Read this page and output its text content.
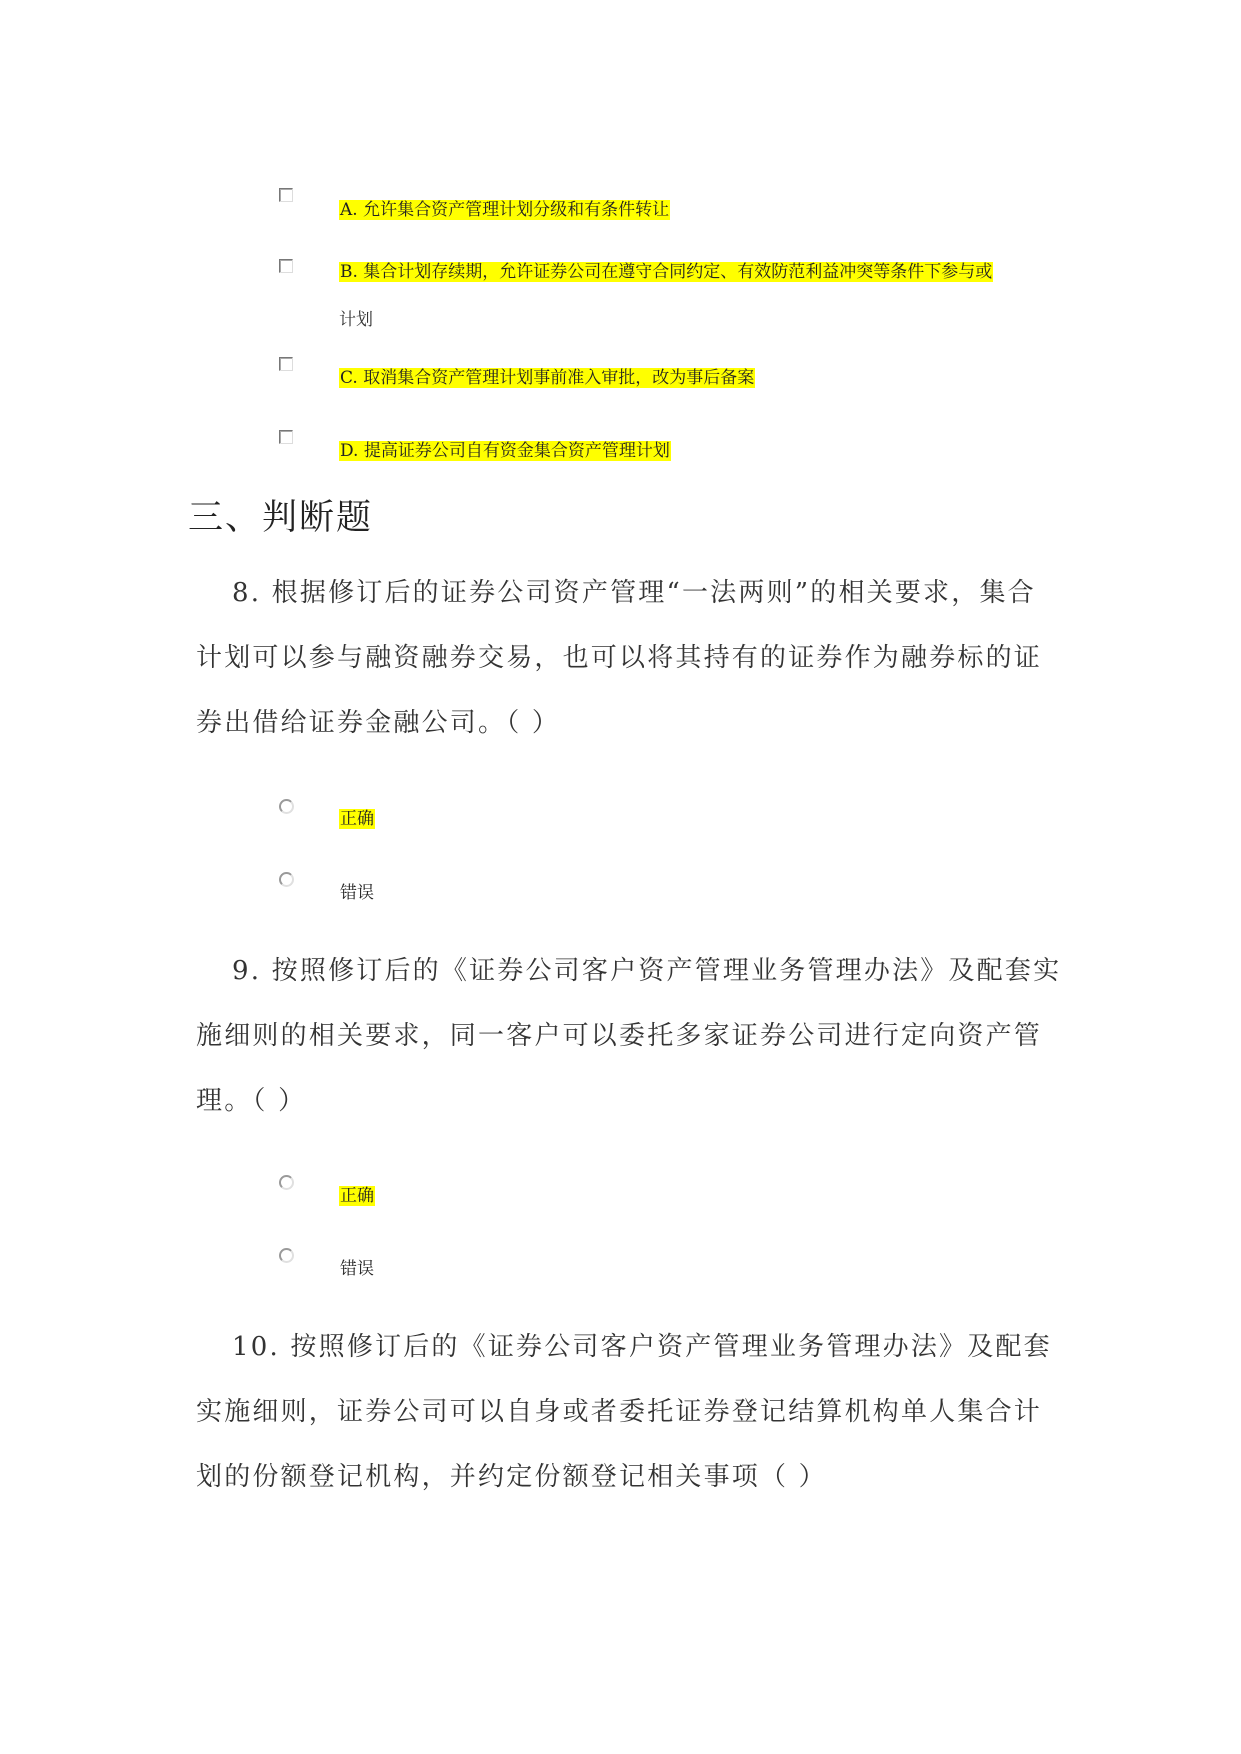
A. 允许集合资产管理计划分级和有条件转让
B. 集合计划存续期，允许证券公司在遵守合同约定、有效防范利益冲突等条件下参与或
计划
C. 取消集合资产管理计划事前准入审批，改为事后备案
D. 提高证券公司自有资金集合资产管理计划
三、判断题
8. 根据修订后的证券公司资产管理“一法两则”的相关要求，集合
计划可以参与融资融券交易，也可以将其持有的证券作为融券标的证
券出借给证券金融公司。（ ）
正确
错误
9. 按照修订后的《证券公司客户资产管理业务管理办法》及配套实
施细则的相关要求，同一客户可以委托多家证券公司进行定向资产管
理。（ ）
正确
错误
10. 按照修订后的《证券公司客户资产管理业务管理办法》及配套
实施细则，证券公司可以自身或者委托证券登记结算机构单人集合计
划的份额登记机构，并约定份额登记相关事项（ ）
